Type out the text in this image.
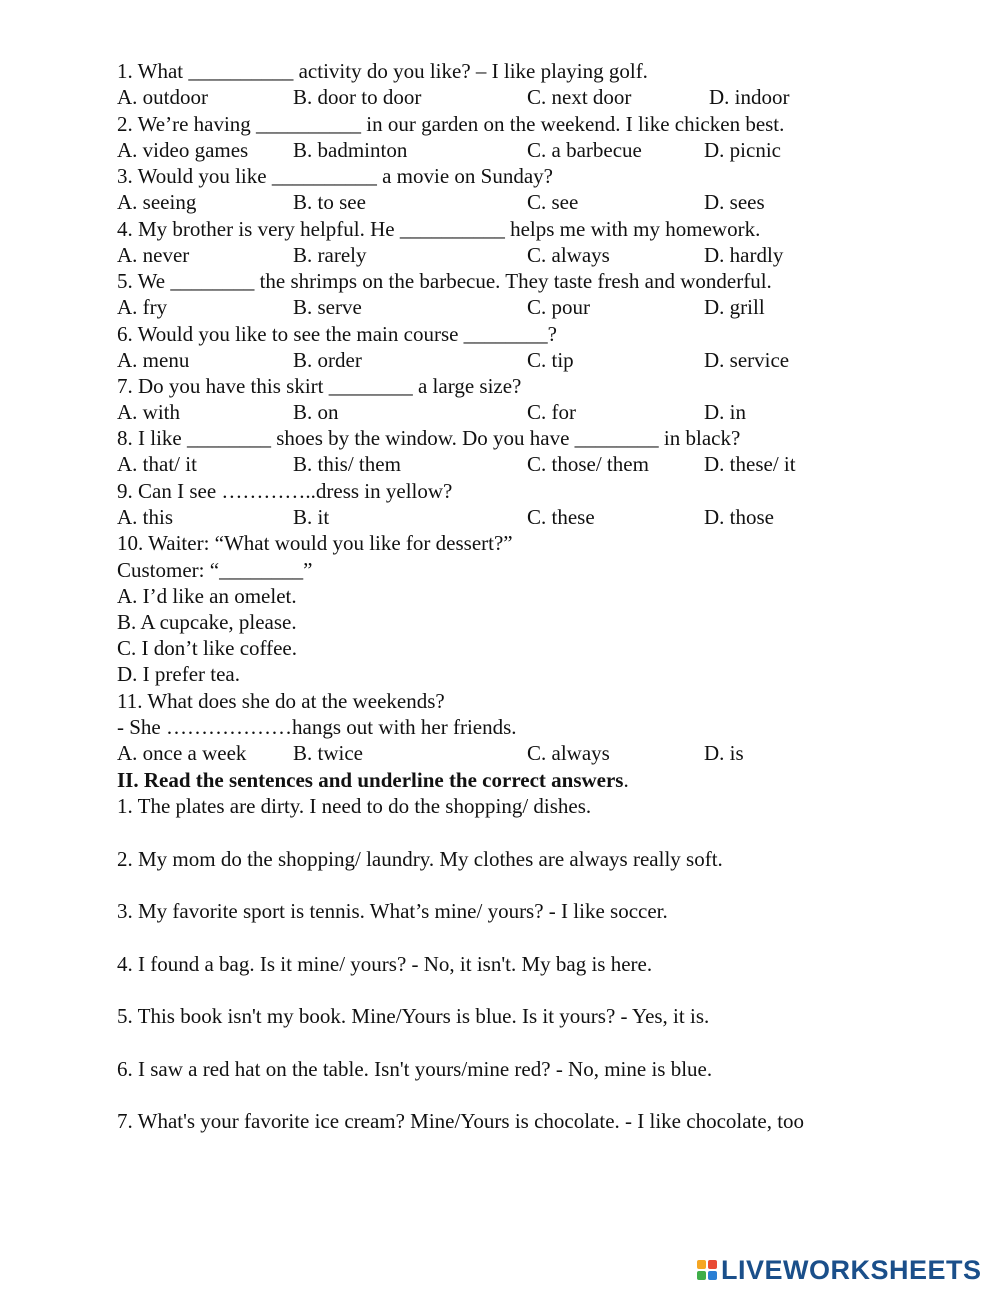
1. What __________ activity do you like? – I like playing golf.
A. outdoor	B. door to door	C. next door	D. indoor
2. We’re having __________ in our garden on the weekend. I like chicken best.
A. video games B. badminton	C. a barbecue	D. picnic
3. Would you like __________ a movie on Sunday?
A. seeing	B. to see	C. see	D. sees
4. My brother is very helpful. He __________ helps me with my homework.
A. never	B. rarely	C. always	D. hardly
5. We ________ the shrimps on the barbecue. They taste fresh and wonderful.
A. fry	B. serve	C. pour	D. grill
6. Would you like to see the main course ________?
A. menu	B. order	C. tip	D. service
7. Do you have this skirt ________ a large size?
A. with	B. on	C. for	D. in
8. I like ________ shoes by the window. Do you have ________ in black?
A. that/ it	B. this/ them	C. those/ them	D. these/ it
9. Can I see …………..dress in yellow?
A. this	B. it	C. these	D. those
10. Waiter: “What would you like for dessert?”
Customer: “________”
A. I’d like an omelet.
B. A cupcake, please.
C. I don’t like coffee.
D. I prefer tea.
11. What does she do at the weekends?
- She ………………hangs out with her friends.
A. once a week B. twice	C. always	D. is
II. Read the sentences and underline the correct answers.
1. The plates are dirty. I need to do the shopping/ dishes.
2. My mom do the shopping/ laundry. My clothes are always really soft.
3. My favorite sport is tennis. What’s mine/ yours? - I like soccer.
4. I found a bag. Is it mine/ yours? - No, it isn't. My bag is here.
5. This book isn't my book. Mine/Yours is blue. Is it yours? - Yes, it is.
6. I saw a red hat on the table. Isn't yours/mine red? - No, mine is blue.
7. What's your favorite ice cream? Mine/Yours is chocolate. - I like chocolate, too
LIVEWORKSHEETS
